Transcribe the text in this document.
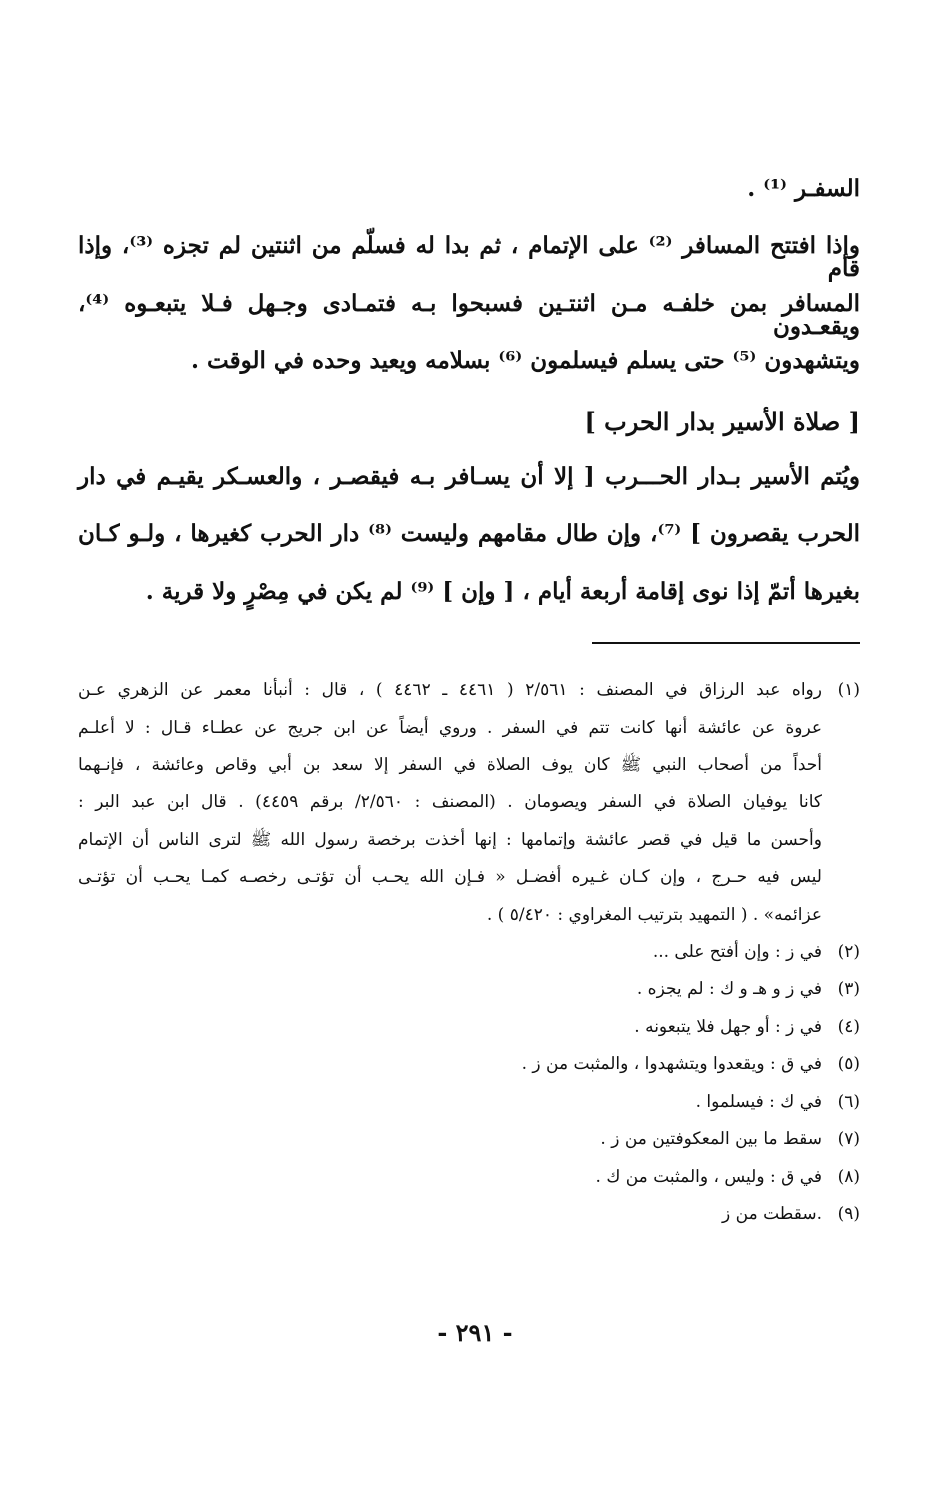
السفـر ⁽¹⁾ .

وإذا افتتح المسافر ⁽²⁾ على الإتمام ، ثم بدا له فسلّم من اثنتين لم تجزه ⁽³⁾، وإذا قام

المسافر بمن خلفـه مـن اثنتـين فسبحوا بـه فتمـادى وجـهل فـلا يتبعـوه ⁽⁴⁾، ويقعـدون

ويتشهدون ⁽⁵⁾ حتى يسلم فيسلمون ⁽⁶⁾ بسلامه ويعيد وحده في الوقت .

[ صلاة الأسير بدار الحرب ]

ويُتم الأسير بـدار الحـــرب [ إلا أن يسـافر بـه فيقصـر ، والعسـكر يقيـم في دار

الحرب يقصرون ] ⁽⁷⁾، وإن طال مقامهم وليست ⁽⁸⁾ دار الحرب كغيرها ، ولـو كـان

بغيرها أتمّ إذا نوى إقامة أربعة أيام ، [ وإن ] ⁽⁹⁾ لم يكن في مِصْرٍ ولا قرية .

(١)
رواه عبد الرزاق في المصنف : ٢/٥٦١ ( ٤٤٦١ ـ ٤٤٦٢ ) ، قال : أنبأنا معمر عن الزهري عـن
عروة عن عائشة أنها كانت تتم في السفر . وروي أيضاً عن ابن جريج عن عطـاء قـال : لا أعلـم
أحداً من أصحاب النبي ﷺ كان يوف الصلاة في السفر إلا سعد بن أبي وقاص وعائشة ، فإنـهما
كانا يوفيان الصلاة في السفر ويصومان . (المصنف : ٢/٥٦٠/ برقم ٤٤٥٩) . قال ابن عبد البر :
وأحسن ما قيل في قصر عائشة وإتمامها : إنها أخذت برخصة رسول الله ﷺ لترى الناس أن الإتمام
ليس فيه حـرج ، وإن كـان غـيره أفضـل « فـإن الله يحـب أن تؤتـى رخصـه كمـا يحـب أن تؤتـى
عزائمه» . ( التمهيد بترتيب المغراوي : ٥/٤٢٠ ) .
(٢)
في ز : وإن أفتح على ...
(٣)
في ز و هـ و ك : لم يجزه .
(٤)
في ز : أو جهل فلا يتبعونه .
(٥)
في ق : ويقعدوا ويتشهدوا ، والمثبت من ز .
(٦)
في ك : فيسلموا .
(٧)
سقط ما بين المعكوفتين من ز .
(٨)
في ق : وليس ، والمثبت من ك .
(٩)
.سقطت من ز
- ٢٩١ -
